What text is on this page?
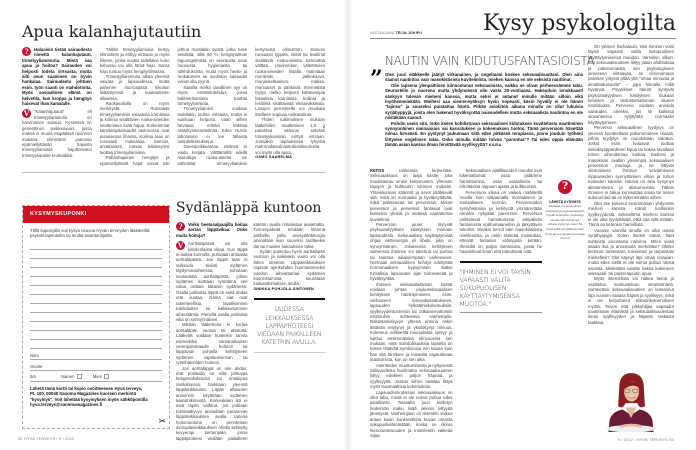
Apua kalanhajutautiin

?	Haluaisin tietää sairaudesta nimeltä kalanhajutauti, trimetyyliaminuria. Mistä saa apua ja hoitoa? Sairauden voi helposti todeta virtsasta, mutta silti avun saaminen on hyvin hankalaa. Sairaudesta johtuen esim. työn saanti on mahdotonta. Myös sosiaalinen elämä on helvettiä, kun kroppa ja hengitys haisevat ihan kamalalle.

V	"Kalanhajutauti" eli trimetyyliaminuria on harvinainen sairaus. Kyseessä on geneettinen poikkeavuus, jossa maksa ei muuta etupäässä ravinnon mukana elimistöön joutuvaa epämiellyttävän hajuista trimetyyliamiinia hajuttomaksi trimetyyliamiini-N-oksidiksi.

Tällöin trimetyyliamiinia kertyy elimistöön ja erittyy virtsaan ja myös hikeen, jonka vuoksi todellakin koko kehossa voi olla tämä haju. Sama haju tuntuu myös hengitysilmassa.

Trimetyyliaminuria alkaa yleensä vaivata jo lapsuudessa, mutta pahenee murrosässä hikoilun lisääntyessä ja kuukautisten alkaessa.

Ruokavaliolla on myös merkitystä. Runsaasti trimetyyliamiinin esiasteita karnitiinia ja koliinia sisältävien ruoka-aineiden nauttiminen lisää hajua. Korkeimmat karnitiinipitoisuudet ravinnossa ovat punaisessa lihassa. Koliinia taas on runsaasti maksassa. Samoin, arvattavasti, runsas kalansyönti tuottaa trimetyyliamiinia.

Pahanhajuinen hengitys ja epämiellyttävät hajut voivat toki johtua muistakin syistä, jotka tulee selvittää, sillä 90 % hengitysilman hajuongelmista on seurausta suun huonosta hygieniasta tai tulehduksista, mutta myös henki- ja ruokatorven tai suoliston sairaudet voivat olla syynä.

Naisilla melko tavallinen syy on myös emätintulehdus, jossa bakteeritoiminta tuottaa trimetyyliamiinia.

Trimetyyliamiini voidaan todellakin todeta virtsasta, mutta ei suinkaan helposti, vaan siihen tarvitaan erittäin tarkkaa määritysmenetelmää. Edes HUSin laboratorio ei tee tällaista rutiinitutkimuksena.

Geenipoikkeamaa sinänsä ei voida korjata. Välttämällä edellä mainittuja ruoka-aineita voi vähentää trimetyyliamiinin kertymistä elimistöön. Samoin runsaasti typpeä, rikkiä tai lesitiiniä sisältäviä ruoka-aineita kannattaa välttää. Useimmiten vältettävien ruoka-aineiden listalla mainitaan merilevät, palkokasvit, munankeltuainen, maksa, munuaiset ja pähkinät. Internetistä löytyy melko helposti kattavampia listauksia karnitiinia, koliinia ja lesitiiniä sisältävistä elintarvikkeista. Listojen perusteella voi muokata itselleen sopivaa ruokavaliota.

Yhden tutkimuksen mukaan lääkehiilen nauttiminen 1,5 g päivässä vähensi selvästi trimetyyliamiinin erittyä virtsaan. Joissakin tapauksissa lyhyistä metronidatsoli-antiobiottikuureista voi myös olla apua.

OSMO SAARELMA
KYSYMYSKUPONKI
Tällä kupongilla voit kysyä neuvoa Hyvän terveyden lääkäreiltä, psykoterapeuteilta tai muilta asiantuntijoilta.
Nimi
Osoite
Ikä	Nainen	Mies
Lähetä tämä kortti tai kopio osoitteeseen Hyvä terveys, PL 100, 00040 Sanoma Magazines kuoreen merkintä "kysymys". Voit lähettää kysymyksen myös sähköpostilla hyva.terveys@sanomamagazines.fi
✂
Sydänläppä kuntoon

?	Voiko beetasalpaajilla hoitaa aortan läppävikaa. Onko muita hoitoja?

V	Aorttaläpässä voi olla kahdenlaista vikaa. Kun läppä ei aukea kunnolla, puhutaan ahtaasta aorttaläpästä. Jos läppä taas ei sulkeudu tiiviisti sydämen täyttymisvaiheessa, puhutaan vuotavasta aorttaläpästä, jolloin sydämen aorttaan työntämä veri valuu osittain takaisin sydämeen. Osalla potilaista läppä on sekä ahdas että vuotaa. Nämä viat ovat rakenteellisia, tavallisimmin tulehdusten tai kalkkeutumisen aiheuttamia. Pienellä osalla potilaista vika on synnynnäinen.

Mikään lääkehoito ei korjaa aorttaläpän vuotoa tai ahtautta. Lääkettä voidaan kuitenkin tarvita esimerkiksi samanaikaisen verenpainetaudin hoitoon tai läppävian pohjalla kehittyneen sydämen vajaatoiminnan tai rytmihäiriöiden hoitoon.

Jos aorttaläppä on niin ahdas, että potilaalla on siitä johtuvaa hengenahdistusta tai rintakipua rasituksessa, harkitaan yleensä läppäleikkausta. Läpän ahtauden arvioinnin käytetään sydämen kaikututkimusta. Korkeakaan ikä ei estä läpän vaihtoa, jos potilaan toimintakyvyn arvioidaan paranevan läppäleikkauksen avulla. Uutena hoitomuotona on perinteisen avosydänleikkauksen ohella kehitetty kevyempi toimenpide, jossa läppäproteesi viedään paikalleen katetrin avulla rintalastaa avaamatta. Toimenpidettä tehdään lähinnä potilaille, joilla avosydänkirurgia arvioidaan liian suureksi rasitteeksi iän tai muiden sairauksien takia.

Sydän sopeutuu hyvin aorttaläpän vuotoon ja vaikeakin vuoto voi olla lähes oireeton. Läppäleikkauksen sopivan ajankohdan huomaamiseksi vuodon aiheuttamaa sydämen kuormittumista seurataan kaikututkimuksen avulla.

SINIKKA POHJOLA-SINTONEN
UUDESSA LEIKKAUKSESSA LÄPPÄPROTEESI VIEDÄÄN PAIKALLEEN KATETRIN AVULLA.
52 HYVÄ TERVEYS / 9 / 2012
VASTAAJANA TEIJA JOKIPII	Kysy psykologilta
NAUTIN VAIN KIDUTUSFANTASIOISTA
” Olen juuri eläkkeelle jäänyt virkanainen, ja ongelmani koskee seksuaalisuuttani. Olen aina saanut nautintoa vain masokistisista kuvitelmista, miehen kanssa en ole seksistä nauttinut.

Olin lapsena ylenpalttisen kiinnostunut seksiasioista, vaikka ne olivat perheessämme tabu. Seurustelin jo nuorena mutta yhdynnässä olin vasta 20-vuotiaana. Hakeuduin innokkaasti sänkyyn tulevan mieheni kanssa, mutta seksi ei antanut minulle mitään silloin eikä myöhemminkään. Miehesi saa siemensyöksyn hyvin nopeasti, käsin hyväily ei ole hänen "lajinsa" ja suuseksi puistattaa häntä. Pitkän avioliiton aikana minulla on ollut lukuisia syrjähyppyjä, joista olen hakenut hyväksyntää naiseudelleni mutta seksuaalista nautintoa en ole niistäkään saanut.

Pohdin usein sitä, onko itseen kohdistuvan seksuaalisen kidutuksen kuvittelusta nauttiminen synnynnäinen ominaisuus vai kasvatuksen ja kokemuksen tuotos. Tämä perversioni hävettää minua hirveästi. En pystynyt puhumaan siitä edes pitkässä terapiassa, jonne jouduin työhöni liittyvien ongelmien takia. Onko minulla mitään toivoa "parantua"? Tai edes oppia elämään tämän asian kanssa ilman hirvittävää syyllisyyttä? KAISA

KIITOS	rohkeasta kirjeestäsi. Seksuaalisuus on laaja käsite, joka muokkautuu omien kokemusten, yhteisön tapojen ja kulttuurin normien mukaan. Yhteiskunnan säännöt ja arvot säätelevät sitä, mikä on normaalia ja hyväksyttävää, mikä poikkeavaa tai perverssiä. Monet perversiot ja perverssit fantasiat ovat kuitenkin yleisiä ja sinänsä vaarattomia kuvitelmia.

Perversion juuret löytyvät psykoanalyyttisen käsityksen mukaan lapsuudesta. Seksuaalista käyttäytymistä ohjaa viettienergia eli libido, joka on synnynnäinen. Jokaisessa kehityksen vaiheessa ihminen voi takertua tai juuttua tai taantua aikaisempaan vaiheeseen. Normaali seksuaalinen kehitys edellyttää hormonaalisen kypsymisen lisäksi turvallisia lapsuuden ajan tunnesiteitä ja hyväksyntää.

Ihmisen seksuaalielämän häiriöt voidaan johtaa psykoseksuaalisen kehityksen häiriintymiseen, esim. varhaiseen sisteyskasvatukseen, lapsuuden hylkäämiskokemuksiin, syyllisyydentunteisiin tai ratkaisemattomiin ristiriitoihin suhteessa vanhempiin. Rakastamiskyvyn yhtenä ehtona onkin riittävän eriytynyt ja yksilöitynyt minuus. Kokemus erillisestä minuudesta syntyy ja lujittuu ensimmäisinä elinvuosina sen mukaan, mitä mahdollisuuksia lapsella on kokea riittävää symbioosia niin kauan kuin hän sitä tarvitsee ja toisaalta vapauttavaa irtautumista, kun on sen aika.

Asenteiden muuttumisesta ja nykyisestä sallivuudesta huolimatta seksuaalisuuteen liittyy edelleen paljon häpeää ja syyllisyyttä. Joskus siihen saattaa liittyä myös traumaattisia kokemuksia.

Lapsuudenkodissasi seksuaalisuus on ollut tabu, mistä ei ole voinut puhua edes asiallisesti. Toisaalta juuri kielletyn hedelmän maku lisää seksiin liittyvää jännitystä. Vanhempien on tietenkin vaikea antaa kovin konkreettista kuvaa omasta sukupuolielämästään, koska se rikkoo hienotunteisuuden ja intimiteetin vaikeaa rajaa.

Seksuaalisen aistillisuuden muodot ovat lukemattomat; osaa pidämme harmittomina, osaa vaarallisina tai inhottavina riippuen ajasta ja kulttuurista.

Perversion ideaa on vaikea määritellä muulla kuin viittaamalla moraaliseen ja sosiaaliseen normiin. Perversioiden syntyhistoriaa ja kehitystä ymmärretään onneksi nykyään paremmin. Perversiot vaihtelevat harmittomista arkipäivän fantasioista epähumaaneihin ja järkyttäviin tekoihin. Sinäkin kerrot vain masokistisista mielikuvista, ja onkin tärkeää muistuttaa, etteivät fantasiat vahingoita ketään. Ihmisillä on paljon fantasioita, joista he haaveilevat ilman että toteuttavat niitä.

"IHMINEN EI VOI TÄYSIN VAPAASTI VALITA SUKUPUOLISEN KÄYTTÄYTYMISENSÄ MUOTOA."
?
LÄHETÄ KYSYMYS
Vastaaja on outuiyainen psykologi ja psykoterapeutti. Hyvän terveyden psykologi vastaa vain lehdessä. Lähetä kysymys sivun 52 kupongilla tai sähköpostilla hyva.terveys@sanomamagazines.fi

On yleinen harhaluulo, että ihminen voisi täysin vapaasti valita sukupuolisen käyttäytymisensä muodon. Varsinkin silloin, kun seksuaalisuuteen liittyy jotain ahdistavaa ja pakonomaista, sen psykologiseen oireeseen viittaavaa, se nimenomaan palvelee yritystä pitää yllä "omaa minuutta ja ainutlaatuisuutta" – jopa hinnalla millä hyvänsä. Psyykkiset häiriöt syntyvät psykoanalyyttisen käsityksen mukaan tietoisen ja tiedostamattoman alueen ristiriidoista. Perversio voidaan arvioida sairauden oireeksi, jos se kaikissa olosuhteissa syrjäyttää normaalin käyttäytymisen.

Perverssi seksuaalinen tyydytys on yleensä luonteeltaan pakonomainen rituaali, jolloin tyydytys on muodoltaan sidottua. Jotkut esim. haluavat tuottaa seksikumppanilleen kipua tai kokea tavallaan toisen aiheuttamaa tuskaa. Sadismi ja masokismi ovatkin yleisimpiä seksuaalisen perversion muotoja, ja ne liittyvät olennaisesti ihmisen selviämiseen riippuvuuden synnyttämien vihan ja tuhon tunteiden kanssa. Näissä on aina kysymys alistamisesta ja alistumisesta. Tällöin ihminen ei halua kunnioittaa omaa tai toisen autonomiaa tai on kykenemätön siihen.

Olet itse kokenut ensimmäisen yhdynnän miehesi kanssa. Kärsit tuolloinkin syyllisyydestä. Seksielämä miehesi kanssa ei ole ollut tyydyttävää, etkä saa siitä mitään. Tämä on tietenkin harmillista.

Vuosien varrella sinulla on ollut useita syrjähyppyjä. Kuten itsekin toteat, haet suhteista arvostusta naisena. Miten voisit saada iloa ja arvostusta mieheltäsi? Oletko kertonut tunteistasi, toiveistasi ja tarpeistasi miehellesi? Olet käynyt läpi oman terapian, mutta edes siellä et ole voinut puhua näistä asioista. Mielestäni voisitte hakea kokeneen seksuaali- tai pariterapeutin apua.

Myös internetistä voi hakea tietoa ja osallistua keskusteluun nimettömänä. Suhteettasi seksuaalisuuteen on leimannut läpi vuosien vaitava häpeä ja syyllisyys, mikä ei ole helpottanut elämänkokemuksen myötä. Toivon että pikkuhiljaa vapaudut nauttimaan elämästä ja seksuaalisuudestasi ilman syyllisyyden ja häpeän raskasta taakkaa.

9 / 2012 / HYVÄ TERVEYS 53
